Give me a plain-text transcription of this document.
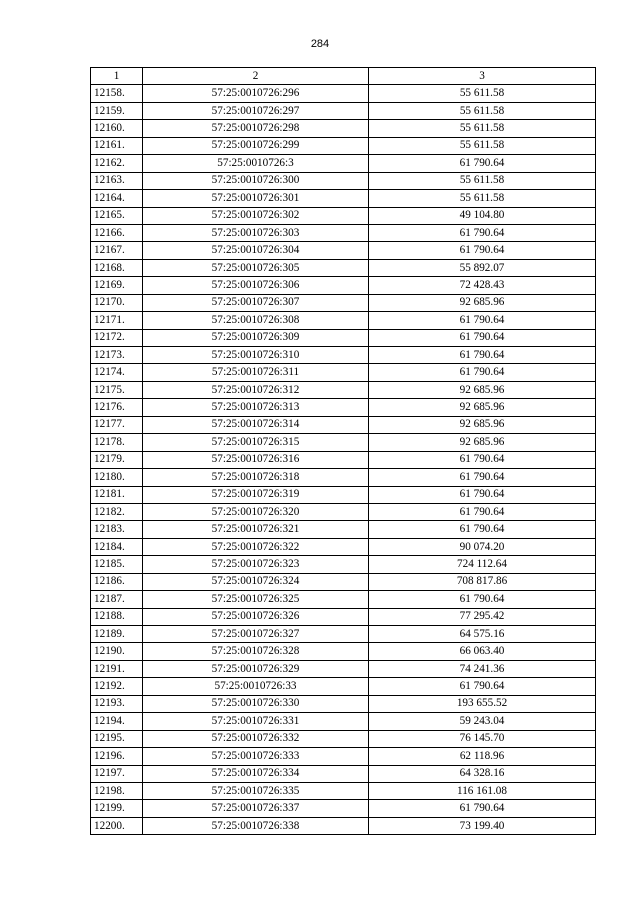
284
1	2	3
12158.	57:25:0010726:296	55 611.58
12159.	57:25:0010726:297	55 611.58
12160.	57:25:0010726:298	55 611.58
12161.	57:25:0010726:299	55 611.58
12162.	57:25:0010726:3	61 790.64
12163.	57:25:0010726:300	55 611.58
12164.	57:25:0010726:301	55 611.58
12165.	57:25:0010726:302	49 104.80
12166.	57:25:0010726:303	61 790.64
12167.	57:25:0010726:304	61 790.64
12168.	57:25:0010726:305	55 892.07
12169.	57:25:0010726:306	72 428.43
12170.	57:25:0010726:307	92 685.96
12171.	57:25:0010726:308	61 790.64
12172.	57:25:0010726:309	61 790.64
12173.	57:25:0010726:310	61 790.64
12174.	57:25:0010726:311	61 790.64
12175.	57:25:0010726:312	92 685.96
12176.	57:25:0010726:313	92 685.96
12177.	57:25:0010726:314	92 685.96
12178.	57:25:0010726:315	92 685.96
12179.	57:25:0010726:316	61 790.64
12180.	57:25:0010726:318	61 790.64
12181.	57:25:0010726:319	61 790.64
12182.	57:25:0010726:320	61 790.64
12183.	57:25:0010726:321	61 790.64
12184.	57:25:0010726:322	90 074.20
12185.	57:25:0010726:323	724 112.64
12186.	57:25:0010726:324	708 817.86
12187.	57:25:0010726:325	61 790.64
12188.	57:25:0010726:326	77 295.42
12189.	57:25:0010726:327	64 575.16
12190.	57:25:0010726:328	66 063.40
12191.	57:25:0010726:329	74 241.36
12192.	57:25:0010726:33	61 790.64
12193.	57:25:0010726:330	193 655.52
12194.	57:25:0010726:331	59 243.04
12195.	57:25:0010726:332	76 145.70
12196.	57:25:0010726:333	62 118.96
12197.	57:25:0010726:334	64 328.16
12198.	57:25:0010726:335	116 161.08
12199.	57:25:0010726:337	61 790.64
12200.	57:25:0010726:338	73 199.40
